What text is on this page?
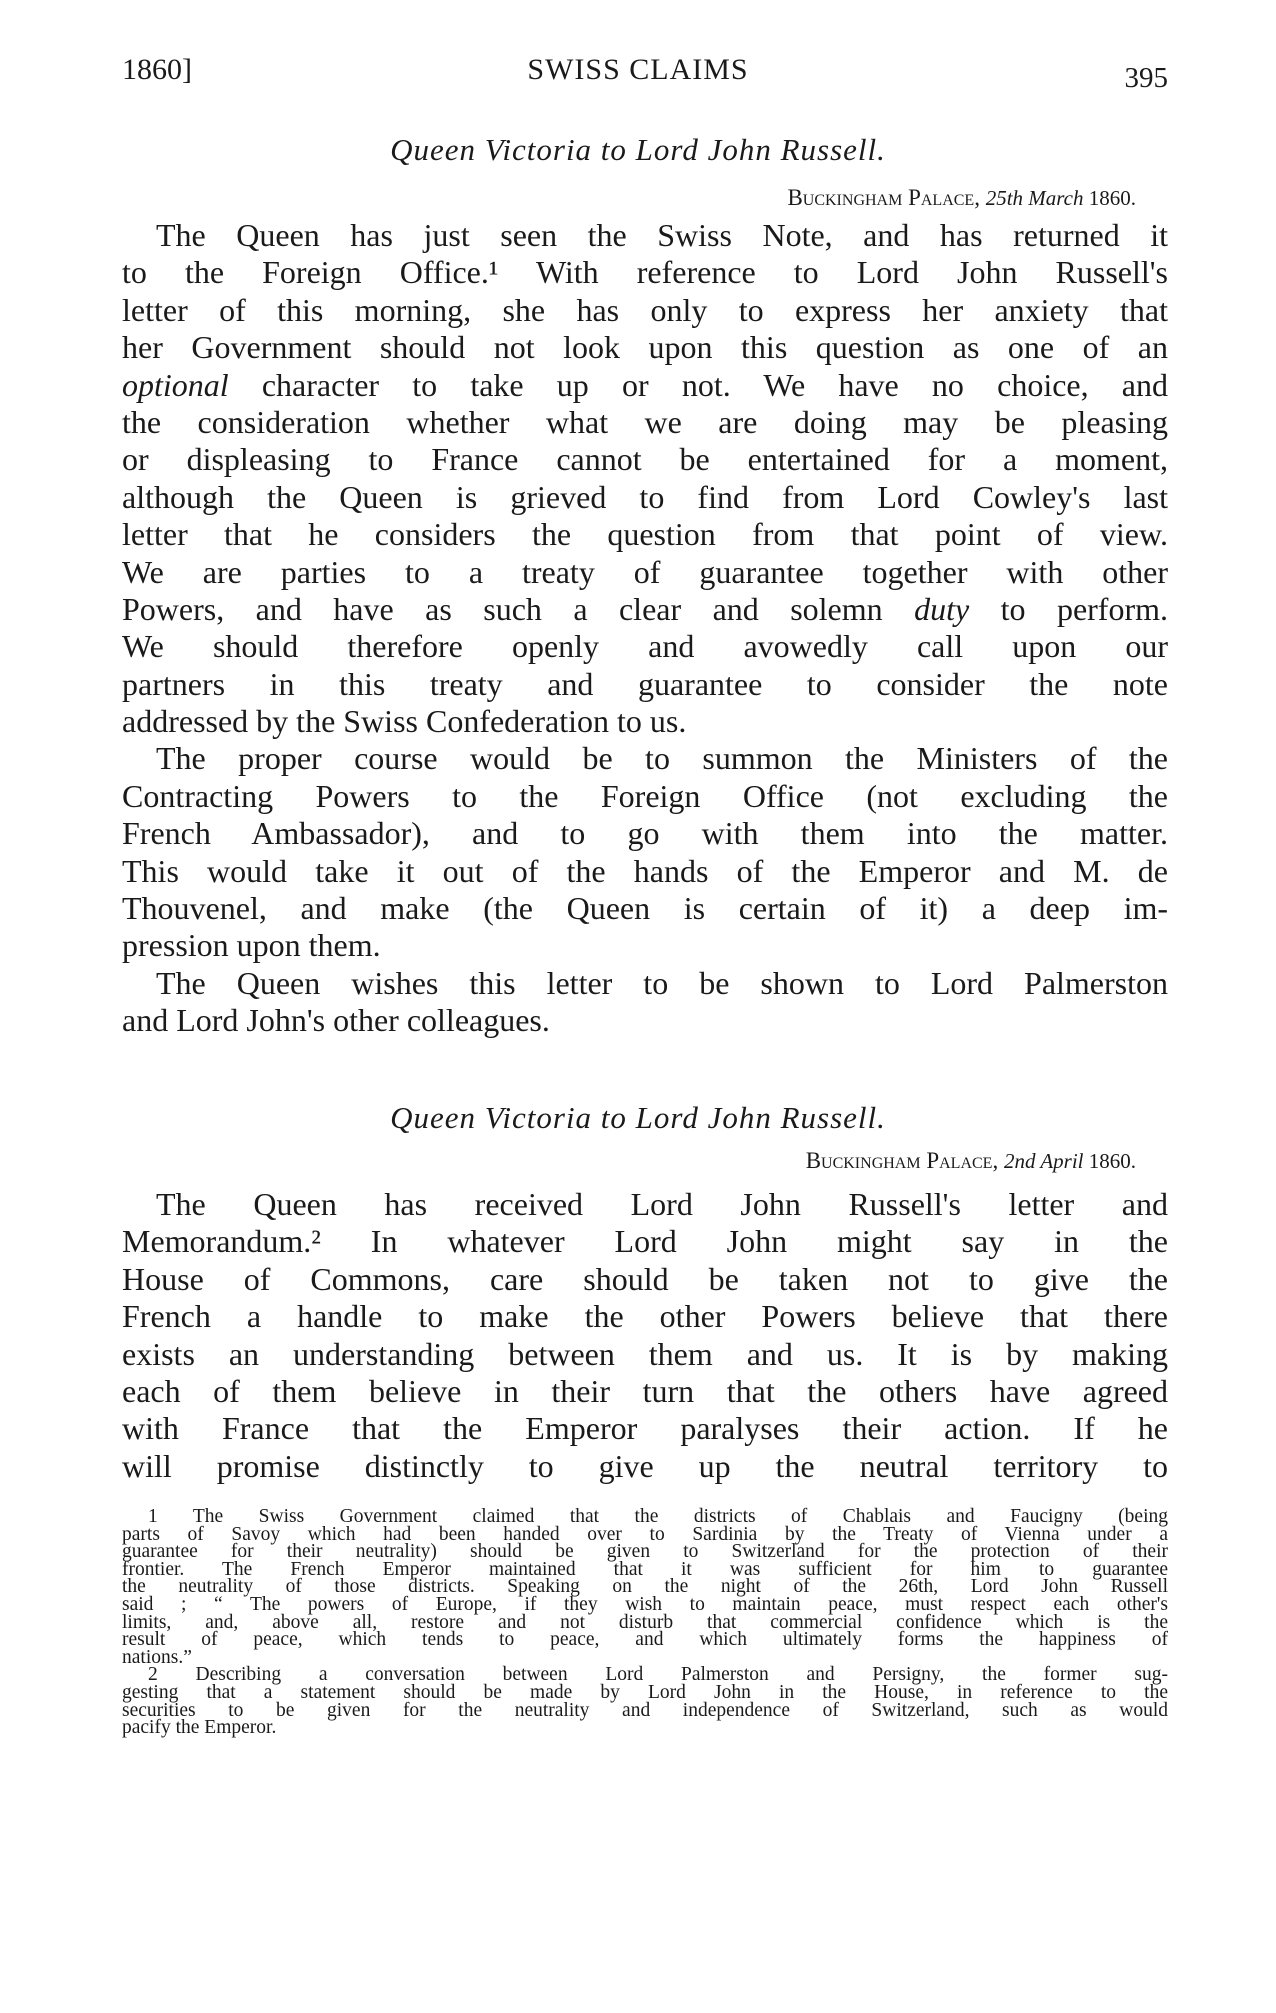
1860]	SWISS CLAIMS	395
Queen Victoria to Lord John Russell.
Buckingham Palace, 25th March 1860.
The Queen has just seen the Swiss Note, and has returned it
to the Foreign Office.¹ With reference to Lord John Russell's
letter of this morning, she has only to express her anxiety that
her Government should not look upon this question as one of an
optional character to take up or not. We have no choice, and
the consideration whether what we are doing may be pleasing
or displeasing to France cannot be entertained for a moment,
although the Queen is grieved to find from Lord Cowley's last
letter that he considers the question from that point of view.
We are parties to a treaty of guarantee together with other
Powers, and have as such a clear and solemn duty to perform.
We should therefore openly and avowedly call upon our
partners in this treaty and guarantee to consider the note
addressed by the Swiss Confederation to us.
The proper course would be to summon the Ministers of the
Contracting Powers to the Foreign Office (not excluding the
French Ambassador), and to go with them into the matter.
This would take it out of the hands of the Emperor and M. de
Thouvenel, and make (the Queen is certain of it) a deep im-
pression upon them.
The Queen wishes this letter to be shown to Lord Palmerston
and Lord John's other colleagues.
Queen Victoria to Lord John Russell.
Buckingham Palace, 2nd April 1860.
The Queen has received Lord John Russell's letter and
Memorandum.² In whatever Lord John might say in the
House of Commons, care should be taken not to give the
French a handle to make the other Powers believe that there
exists an understanding between them and us. It is by making
each of them believe in their turn that the others have agreed
with France that the Emperor paralyses their action. If he
will promise distinctly to give up the neutral territory to
1 The Swiss Government claimed that the districts of Chablais and Faucigny (being
parts of Savoy which had been handed over to Sardinia by the Treaty of Vienna under a
guarantee for their neutrality) should be given to Switzerland for the protection of their
frontier. The French Emperor maintained that it was sufficient for him to guarantee
the neutrality of those districts. Speaking on the night of the 26th, Lord John Russell
said ; “ The powers of Europe, if they wish to maintain peace, must respect each other's
limits, and, above all, restore and not disturb that commercial confidence which is the
result of peace, which tends to peace, and which ultimately forms the happiness of
nations.”
2 Describing a conversation between Lord Palmerston and Persigny, the former sug-
gesting that a statement should be made by Lord John in the House, in reference to the
securities to be given for the neutrality and independence of Switzerland, such as would
pacify the Emperor.
